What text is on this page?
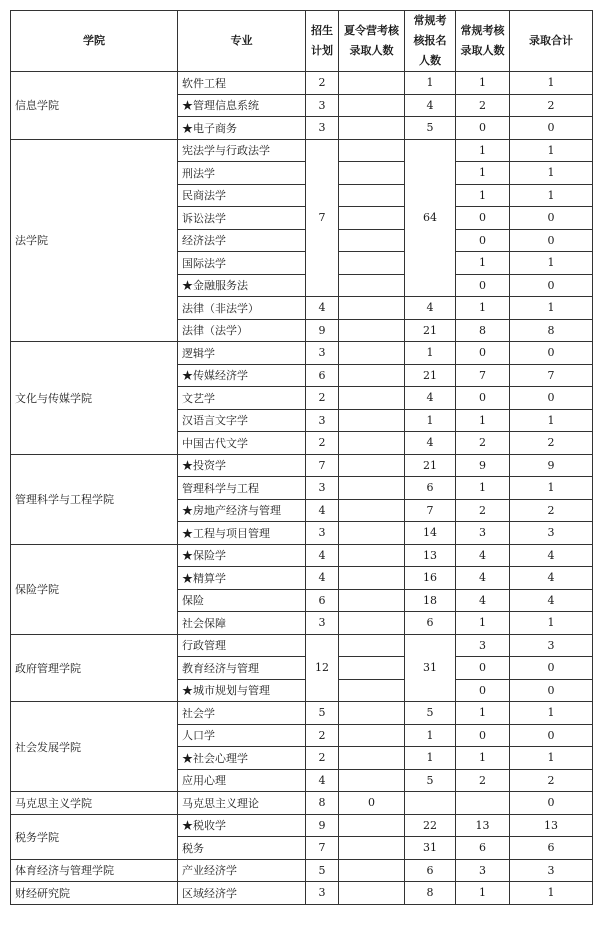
学院	专业	招生计划	夏令营考核录取人数	常规考核报名人数	常规考核录取人数	录取合计
信息学院	软件工程	2		1	1	1
	★管理信息系统	3		4	2	2
	★电子商务	3		5	0	0
法学院	宪法学与行政法学	7		64	1	1
	刑法学				1	1
	民商法学				1	1
	诉讼法学				0	0
	经济法学				0	0
	国际法学				1	1
	★金融服务法				0	0
	法律（非法学）	4		4	1	1
	法律（法学）	9		21	8	8
文化与传媒学院	逻辑学	3		1	0	0
	★传媒经济学	6		21	7	7
	文艺学	2		4	0	0
	汉语言文字学	3		1	1	1
	中国古代文学	2		4	2	2
管理科学与工程学院	★投资学	7		21	9	9
	管理科学与工程	3		6	1	1
	★房地产经济与管理	4		7	2	2
	★工程与项目管理	3		14	3	3
保险学院	★保险学	4		13	4	4
	★精算学	4		16	4	4
	保险	6		18	4	4
	社会保障	3		6	1	1
政府管理学院	行政管理	12		31	3	3
	教育经济与管理				0	0
	★城市规划与管理				0	0
社会发展学院	社会学	5		5	1	1
	人口学	2		1	0	0
	★社会心理学	2		1	1	1
	应用心理	4		5	2	2
马克思主义学院	马克思主义理论	8	0			0
税务学院	★税收学	9		22	13	13
	税务	7		31	6	6
体育经济与管理学院	产业经济学	5		6	3	3
财经研究院	区域经济学	3		8	1	1
